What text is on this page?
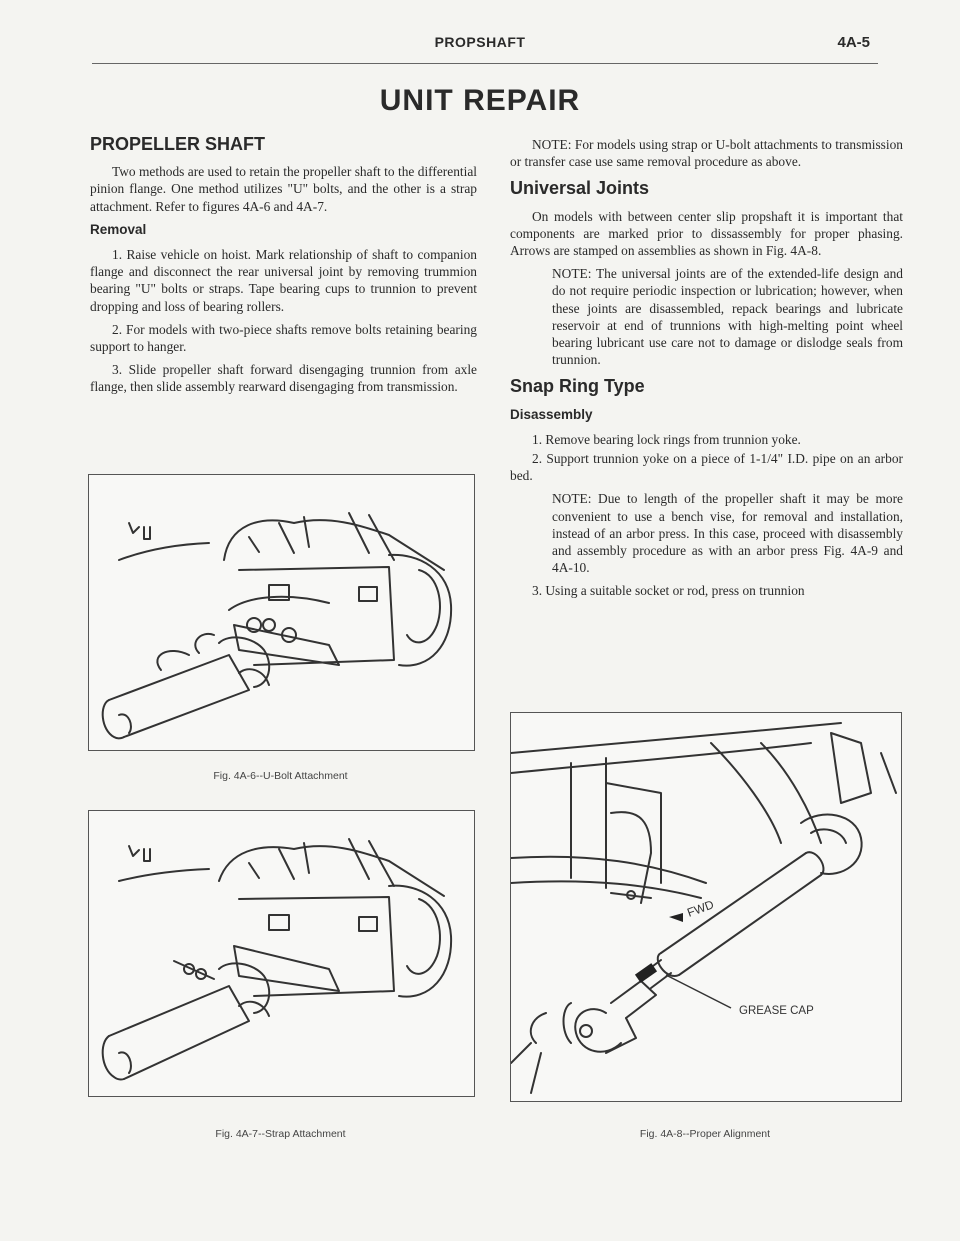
PROPSHAFT	4A-5
UNIT REPAIR
PROPELLER SHAFT

Two methods are used to retain the propeller shaft to the differential pinion flange. One method utilizes "U" bolts, and the other is a strap attachment. Refer to figures 4A-6 and 4A-7.

Removal

1. Raise vehicle on hoist. Mark relationship of shaft to companion flange and disconnect the rear universal joint by removing trummion bearing "U" bolts or straps. Tape bearing cups to trunnion to prevent dropping and loss of bearing rollers.

2. For models with two-piece shafts remove bolts retaining bearing support to hanger.

3. Slide propeller shaft forward disengaging trunnion from axle flange, then slide assembly rearward disengaging from transmission.

NOTE: For models using strap or U-bolt attachments to transmission or transfer case use same removal procedure as above.

Universal Joints

On models with between center slip propshaft it is important that components are marked prior to dissassembly for proper phasing. Arrows are stamped on assemblies as shown in Fig. 4A-8.

NOTE: The universal joints are of the extended-life design and do not require periodic inspection or lubrication; however, when these joints are disassembled, repack bearings and lubricate reservoir at end of trunnions with high-melting point wheel bearing lubricant use care not to damage or dislodge seals from trunnion.

Snap Ring Type
Disassembly

1. Remove bearing lock rings from trunnion yoke.

2. Support trunnion yoke on a piece of 1-1/4" I.D. pipe on an arbor bed.

NOTE: Due to length of the propeller shaft it may be more convenient to use a bench vise, for removal and installation, instead of an arbor press. In this case, proceed with disassembly and assembly procedure as with an arbor press Fig. 4A-9 and 4A-10.

3. Using a suitable socket or rod, press on trunnion

Fig. 4A-6--U-Bolt Attachment
Fig. 4A-7--Strap Attachment
FWD
GREASE CAP
Fig. 4A-8--Proper Alignment
